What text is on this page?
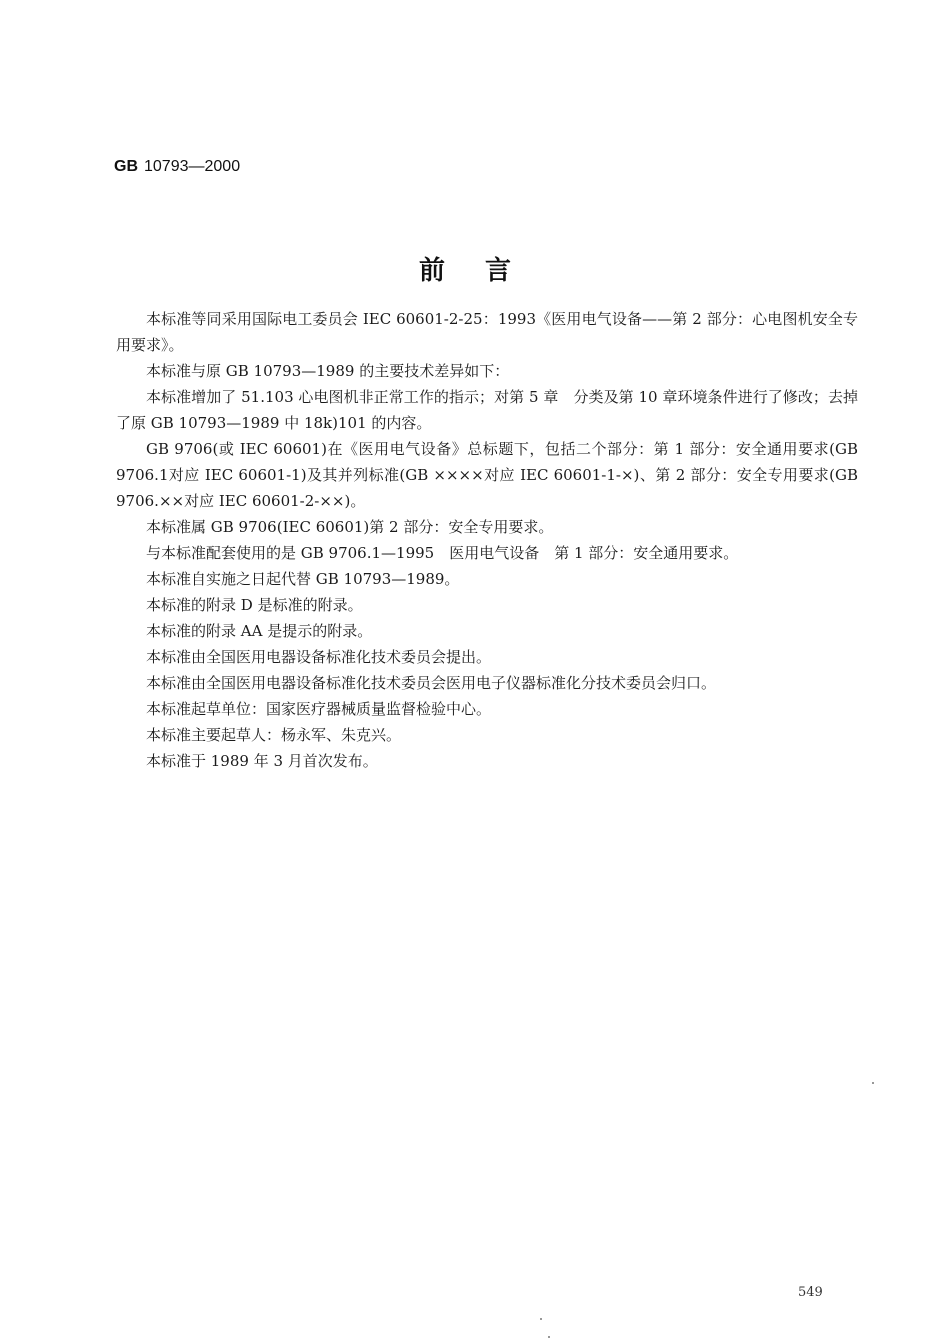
GB 10793—2000
前言

本标准等同采用国际电工委员会 IEC 60601-2-25：1993《医用电气设备——第 2 部分：心电图机安全专用要求》。

本标准与原 GB 10793—1989 的主要技术差异如下：

本标准增加了 51.103 心电图机非正常工作的指示；对第 5 章　分类及第 10 章环境条件进行了修改；去掉了原 GB 10793—1989 中 18k)101 的内容。

GB 9706(或 IEC 60601)在《医用电气设备》总标题下，包括二个部分：第 1 部分：安全通用要求(GB 9706.1对应 IEC 60601-1)及其并列标准(GB ××××对应 IEC 60601-1-×)、第 2 部分：安全专用要求(GB 9706.××对应 IEC 60601-2-××)。

本标准属 GB 9706(IEC 60601)第 2 部分：安全专用要求。

与本标准配套使用的是 GB 9706.1—1995　医用电气设备　第 1 部分：安全通用要求。

本标准自实施之日起代替 GB 10793—1989。

本标准的附录 D 是标准的附录。

本标准的附录 AA 是提示的附录。

本标准由全国医用电器设备标准化技术委员会提出。

本标准由全国医用电器设备标准化技术委员会医用电子仪器标准化分技术委员会归口。

本标准起草单位：国家医疗器械质量监督检验中心。

本标准主要起草人：杨永军、朱克兴。

本标准于 1989 年 3 月首次发布。

549
